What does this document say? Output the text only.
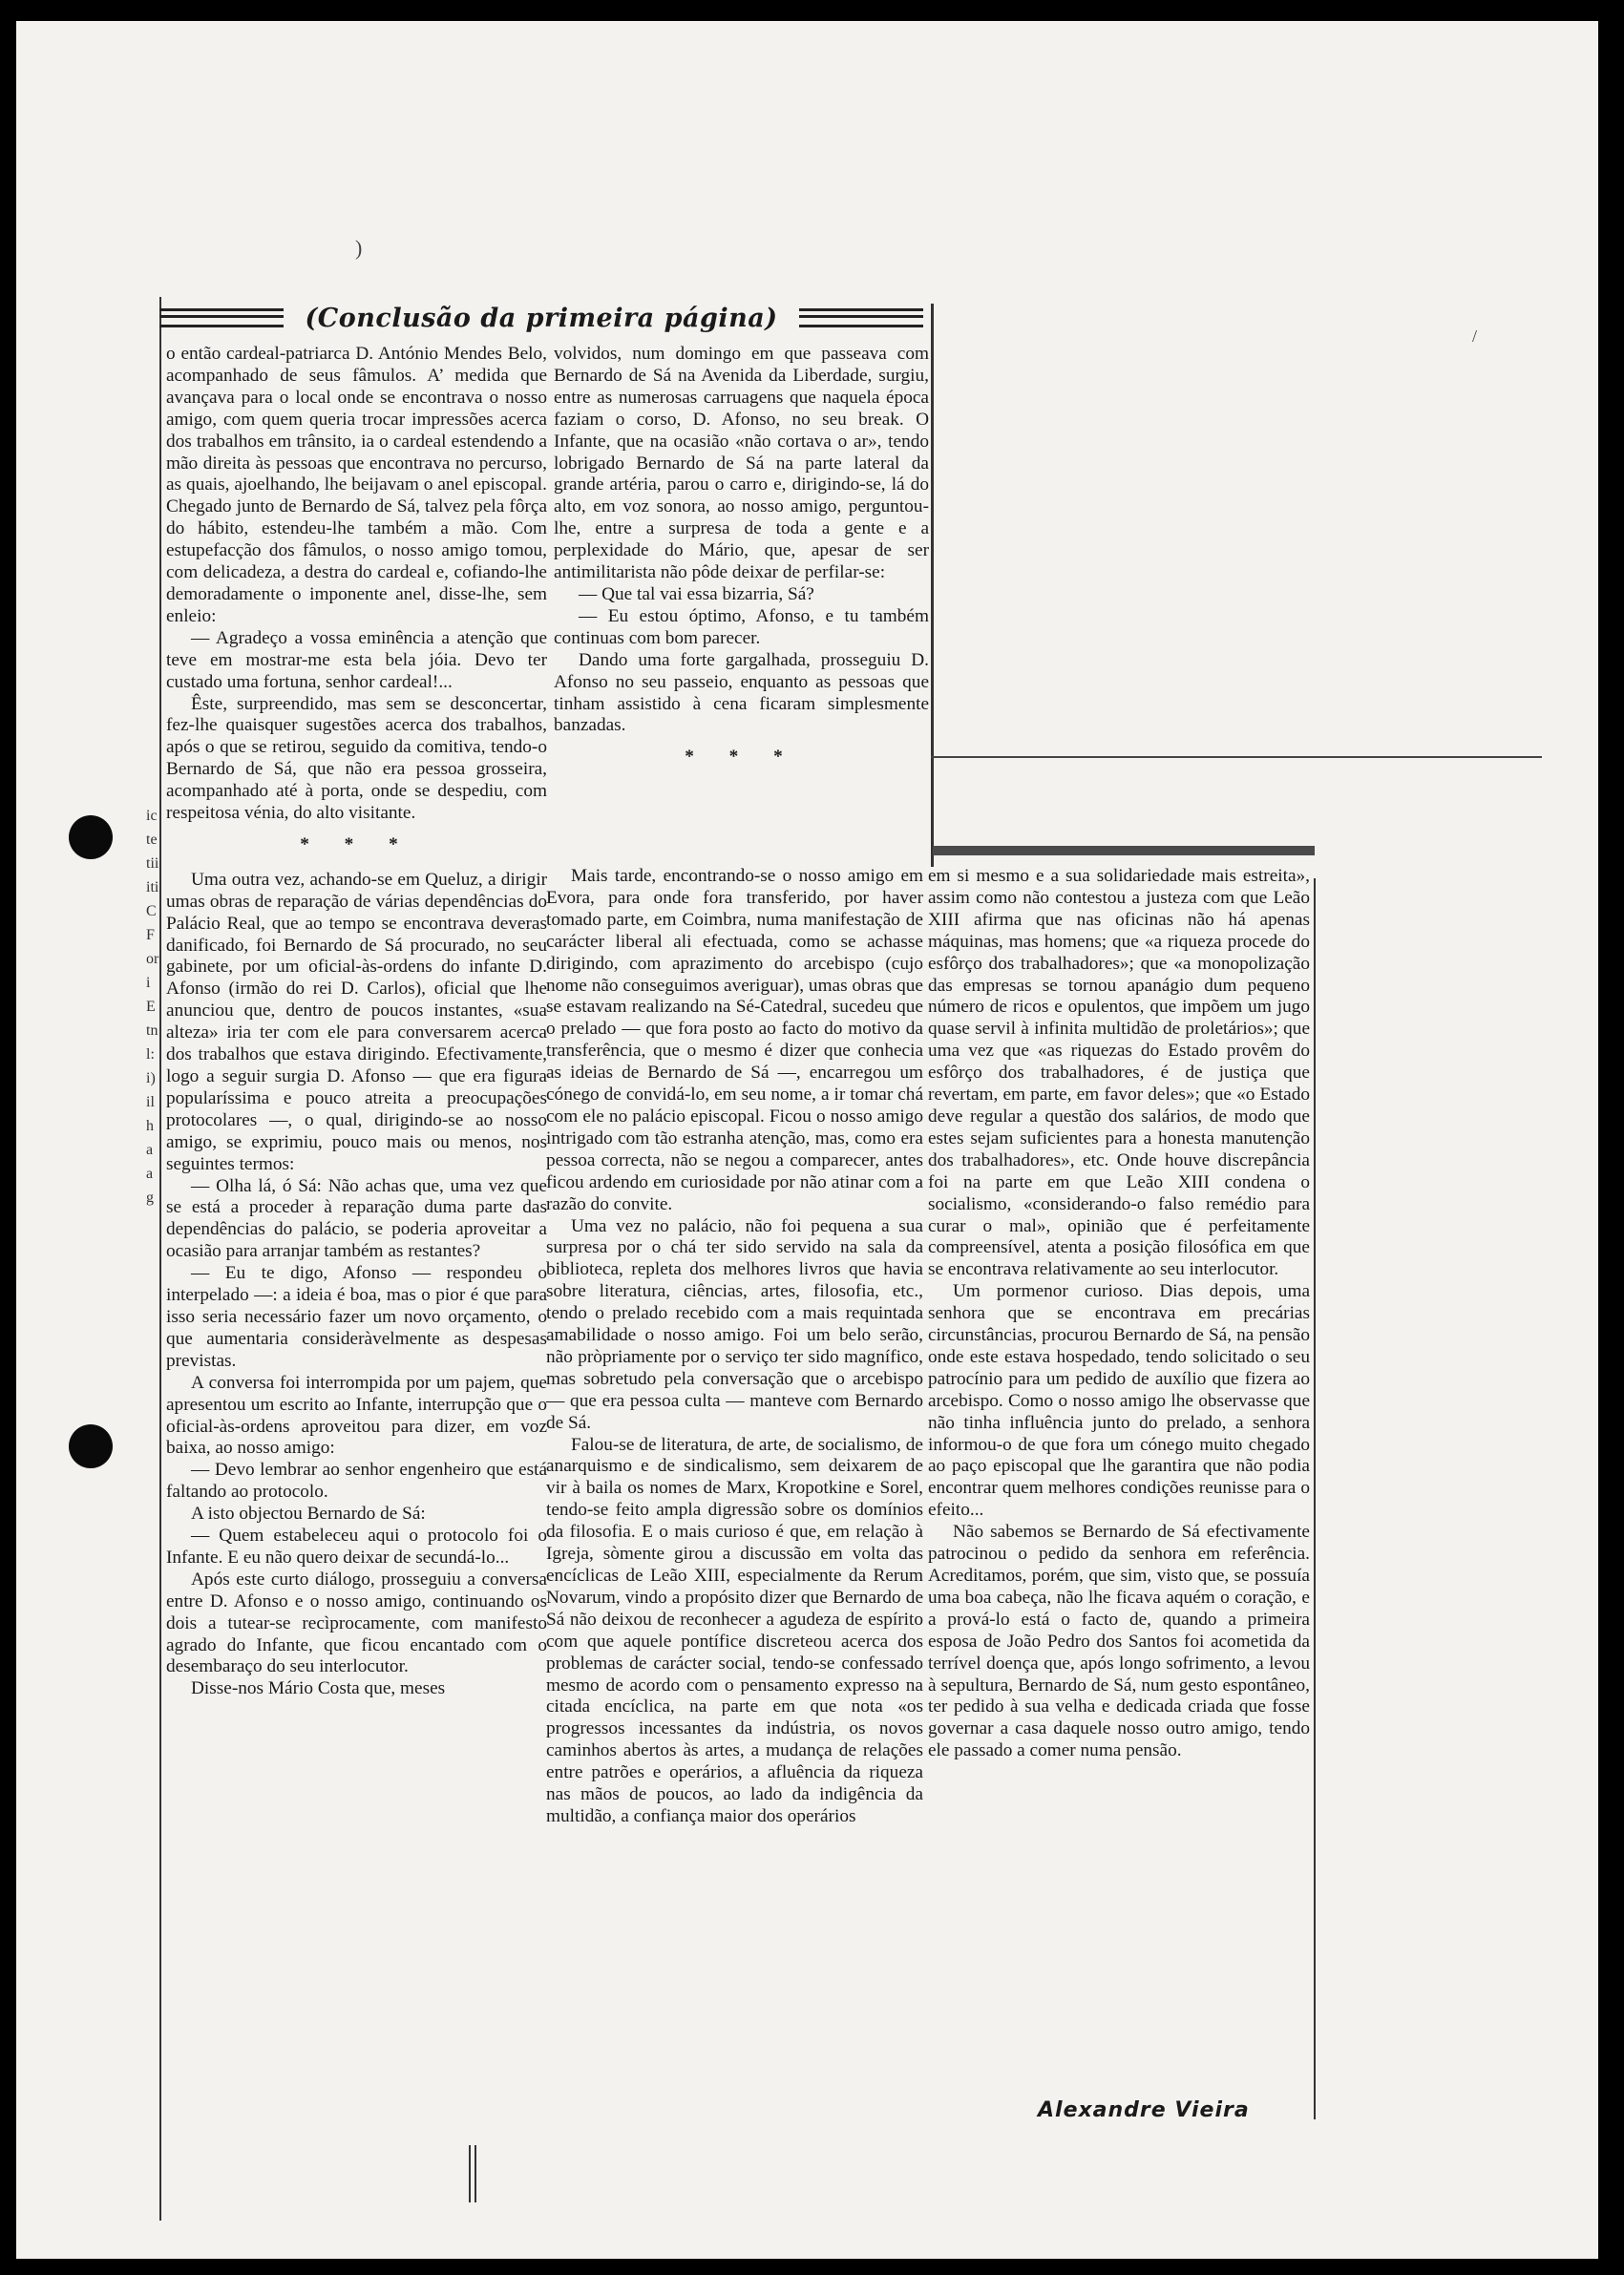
)
/
(Conclusão da primeira página)
ictetiiitiCForiEtnl:i)ilhaag

o então cardeal-patriarca D. António Mendes Belo, acompanhado de seus fâmulos. A’ medida que avançava para o local onde se encontrava o nosso amigo, com quem queria trocar impressões acerca dos trabalhos em trânsito, ia o cardeal estendendo a mão direita às pessoas que encontrava no percurso, as quais, ajoelhando, lhe beijavam o anel episcopal. Chegado junto de Bernardo de Sá, talvez pela fôrça do hábito, estendeu-lhe também a mão. Com estupefacção dos fâmulos, o nosso amigo tomou, com delicadeza, a destra do cardeal e, cofiando-lhe demoradamente o imponente anel, disse-lhe, sem enleio:

— Agradeço a vossa eminência a atenção que teve em mostrar-me esta bela jóia. Devo ter custado uma fortuna, senhor cardeal!...

Êste, surpreendido, mas sem se desconcertar, fez-lhe quaisquer sugestões acerca dos trabalhos, após o que se retirou, seguido da comitiva, tendo-o Bernardo de Sá, que não era pessoa grosseira, acompanhado até à porta, onde se despediu, com respeitosa vénia, do alto visitante.

* * *

Uma outra vez, achando-se em Queluz, a dirigir umas obras de reparação de várias dependências do Palácio Real, que ao tempo se encontrava deveras danificado, foi Bernardo de Sá procurado, no seu gabinete, por um oficial-às-ordens do infante D. Afonso (irmão do rei D. Carlos), oficial que lhe anunciou que, dentro de poucos instantes, «sua alteza» iria ter com ele para conversarem acerca dos trabalhos que estava dirigindo. Efectivamente, logo a seguir surgia D. Afonso — que era figura popularíssima e pouco atreita a preocupações protocolares —, o qual, dirigindo-se ao nosso amigo, se exprimiu, pouco mais ou menos, nos seguintes termos:

— Olha lá, ó Sá: Não achas que, uma vez que se está a proceder à reparação duma parte das dependências do palácio, se poderia aproveitar a ocasião para arranjar também as restantes?

— Eu te digo, Afonso — respondeu o interpelado —: a ideia é boa, mas o pior é que para isso seria necessário fazer um novo orçamento, o que aumentaria consideràvelmente as despesas previstas.

A conversa foi interrompida por um pajem, que apresentou um escrito ao Infante, interrupção que o oficial-às-ordens aproveitou para dizer, em voz baixa, ao nosso amigo:

— Devo lembrar ao senhor engenheiro que está faltando ao protocolo.

A isto objectou Bernardo de Sá:

— Quem estabeleceu aqui o protocolo foi o Infante. E eu não quero deixar de secundá-lo...

Após este curto diálogo, prosseguiu a conversa entre D. Afonso e o nosso amigo, continuando os dois a tutear-se recìprocamente, com manifesto agrado do Infante, que ficou encantado com o desembaraço do seu interlocutor.

Disse-nos Mário Costa que, meses

volvidos, num domingo em que passeava com Bernardo de Sá na Avenida da Liberdade, surgiu, entre as numerosas carruagens que naquela época faziam o corso, D. Afonso, no seu break. O Infante, que na ocasião «não cortava o ar», tendo lobrigado Bernardo de Sá na parte lateral da grande artéria, parou o carro e, dirigindo-se, lá do alto, em voz sonora, ao nosso amigo, perguntou-lhe, entre a surpresa de toda a gente e a perplexidade do Mário, que, apesar de ser antimilitarista não pôde deixar de perfilar-se:

— Que tal vai essa bizarria, Sá?

— Eu estou óptimo, Afonso, e tu também continuas com bom parecer.

Dando uma forte gargalhada, prosseguiu D. Afonso no seu passeio, enquanto as pessoas que tinham assistido à cena ficaram simplesmente banzadas.

* * *

Mais tarde, encontrando-se o nosso amigo em Evora, para onde fora transferido, por haver tomado parte, em Coimbra, numa manifestação de carácter liberal ali efectuada, como se achasse dirigindo, com aprazimento do arcebispo (cujo nome não conseguimos averiguar), umas obras que se estavam realizando na Sé-Catedral, sucedeu que o prelado — que fora posto ao facto do motivo da transferência, que o mesmo é dizer que conhecia as ideias de Bernardo de Sá —, encarregou um cónego de convidá-lo, em seu nome, a ir tomar chá com ele no palácio episcopal. Ficou o nosso amigo intrigado com tão estranha atenção, mas, como era pessoa correcta, não se negou a comparecer, antes ficou ardendo em curiosidade por não atinar com a razão do convite.

Uma vez no palácio, não foi pequena a sua surpresa por o chá ter sido servido na sala da biblioteca, repleta dos melhores livros que havia sobre literatura, ciências, artes, filosofia, etc., tendo o prelado recebido com a mais requintada amabilidade o nosso amigo. Foi um belo serão, não pròpriamente por o serviço ter sido magnífico, mas sobretudo pela conversação que o arcebispo — que era pessoa culta — manteve com Bernardo de Sá.

Falou-se de literatura, de arte, de socialismo, de anarquismo e de sindicalismo, sem deixarem de vir à baila os nomes de Marx, Kropotkine e Sorel, tendo-se feito ampla digressão sobre os domínios da filosofia. E o mais curioso é que, em relação à Igreja, sòmente girou a discussão em volta das encíclicas de Leão XIII, especialmente da Rerum Novarum, vindo a propósito dizer que Bernardo de Sá não deixou de reconhecer a agudeza de espírito com que aquele pontífice discreteou acerca dos problemas de carácter social, tendo-se confessado mesmo de acordo com o pensamento expresso na citada encíclica, na parte em que nota «os progressos incessantes da indústria, os novos caminhos abertos às artes, a mudança de relações entre patrões e operários, a afluência da riqueza nas mãos de poucos, ao lado da indigência da multidão, a confiança maior dos operários

em si mesmo e a sua solidariedade mais estreita», assim como não contestou a justeza com que Leão XIII afirma que nas oficinas não há apenas máquinas, mas homens; que «a riqueza procede do esfôrço dos trabalhadores»; que «a monopolização das empresas se tornou apanágio dum pequeno número de ricos e opulentos, que impõem um jugo quase servil à infinita multidão de proletários»; que uma vez que «as riquezas do Estado provêm do esfôrço dos trabalhadores, é de justiça que revertam, em parte, em favor deles»; que «o Estado deve regular a questão dos salários, de modo que estes sejam suficientes para a honesta manutenção dos trabalhadores», etc. Onde houve discrepância foi na parte em que Leão XIII condena o socialismo, «considerando-o falso remédio para curar o mal», opinião que é perfeitamente compreensível, atenta a posição filosófica em que se encontrava relativamente ao seu interlocutor.

Um pormenor curioso. Dias depois, uma senhora que se encontrava em precárias circunstâncias, procurou Bernardo de Sá, na pensão onde este estava hospedado, tendo solicitado o seu patrocínio para um pedido de auxílio que fizera ao arcebispo. Como o nosso amigo lhe observasse que não tinha influência junto do prelado, a senhora informou-o de que fora um cónego muito chegado ao paço episcopal que lhe garantira que não podia encontrar quem melhores condições reunisse para o efeito...

Não sabemos se Bernardo de Sá efectivamente patrocinou o pedido da senhora em referência. Acreditamos, porém, que sim, visto que, se possuía uma boa cabeça, não lhe ficava aquém o coração, e a prová-lo está o facto de, quando a primeira esposa de João Pedro dos Santos foi acometida da terrível doença que, após longo sofrimento, a levou à sepultura, Bernardo de Sá, num gesto espontâneo, ter pedido à sua velha e dedicada criada que fosse governar a casa daquele nosso outro amigo, tendo ele passado a comer numa pensão.

Alexandre Vieira
